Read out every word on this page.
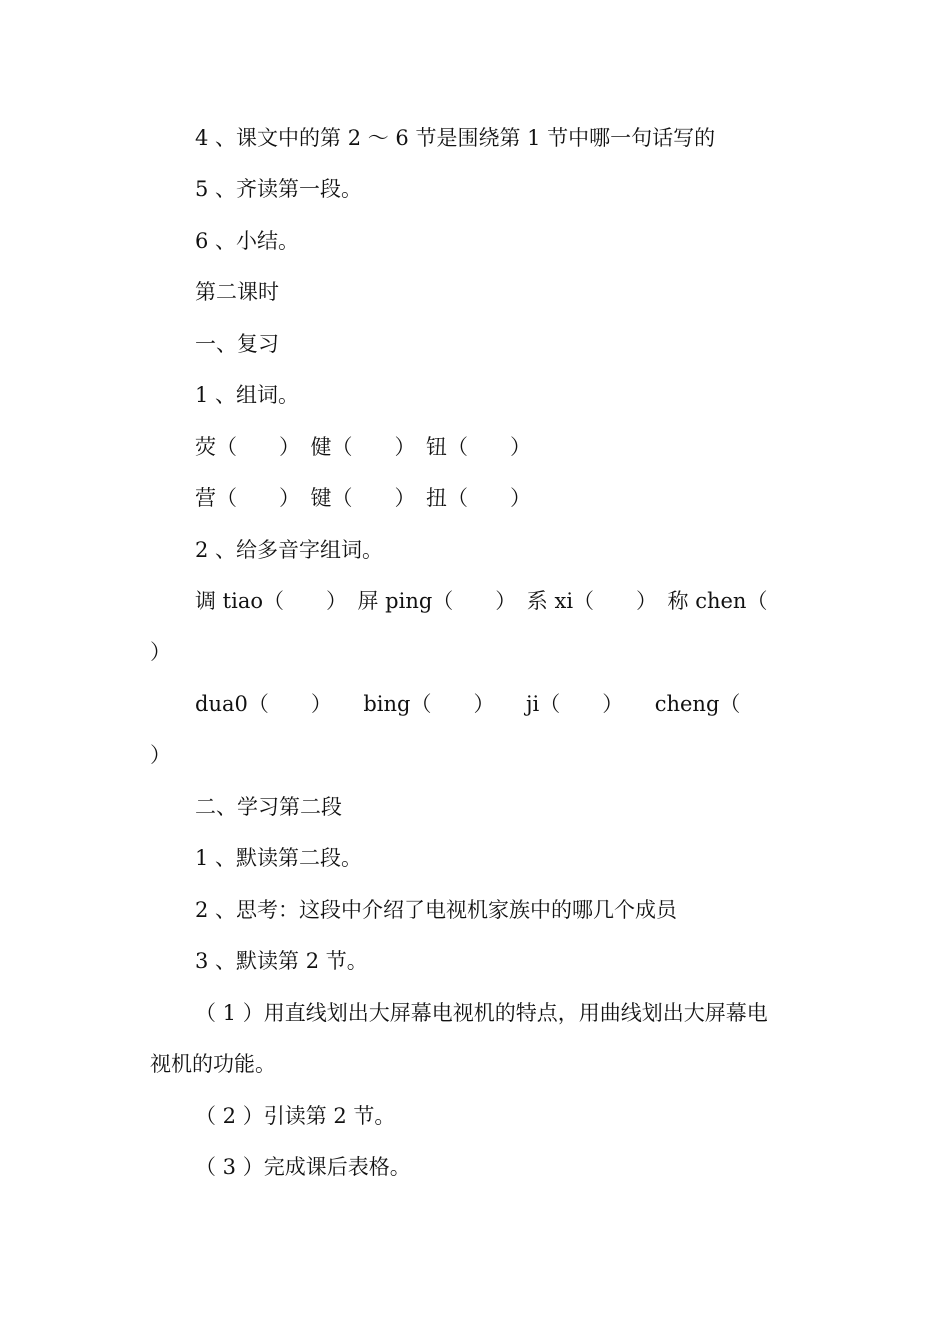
4 、课文中的第 2 ～ 6 节是围绕第 1 节中哪一句话写的
5 、齐读第一段。
6 、小结。
第二课时
一、复习
1 、组词。
荧（　　）　健（　　）　钮（　　）
营（　　）　键（　　）　扭（　　）
2 、给多音字组词。
调 tiao（　　）　屏 ping（　　）　系 xi（　　）　称 chen（
）
dua0（　　）　　bing（　　）　　ji（　　）　　cheng（
）
二、学习第二段
1 、默读第二段。
2 、思考：这段中介绍了电视机家族中的哪几个成员
3 、默读第 2 节。
（ 1 ）用直线划出大屏幕电视机的特点，用曲线划出大屏幕电
视机的功能。
（ 2 ）引读第 2 节。
（ 3 ）完成课后表格。
